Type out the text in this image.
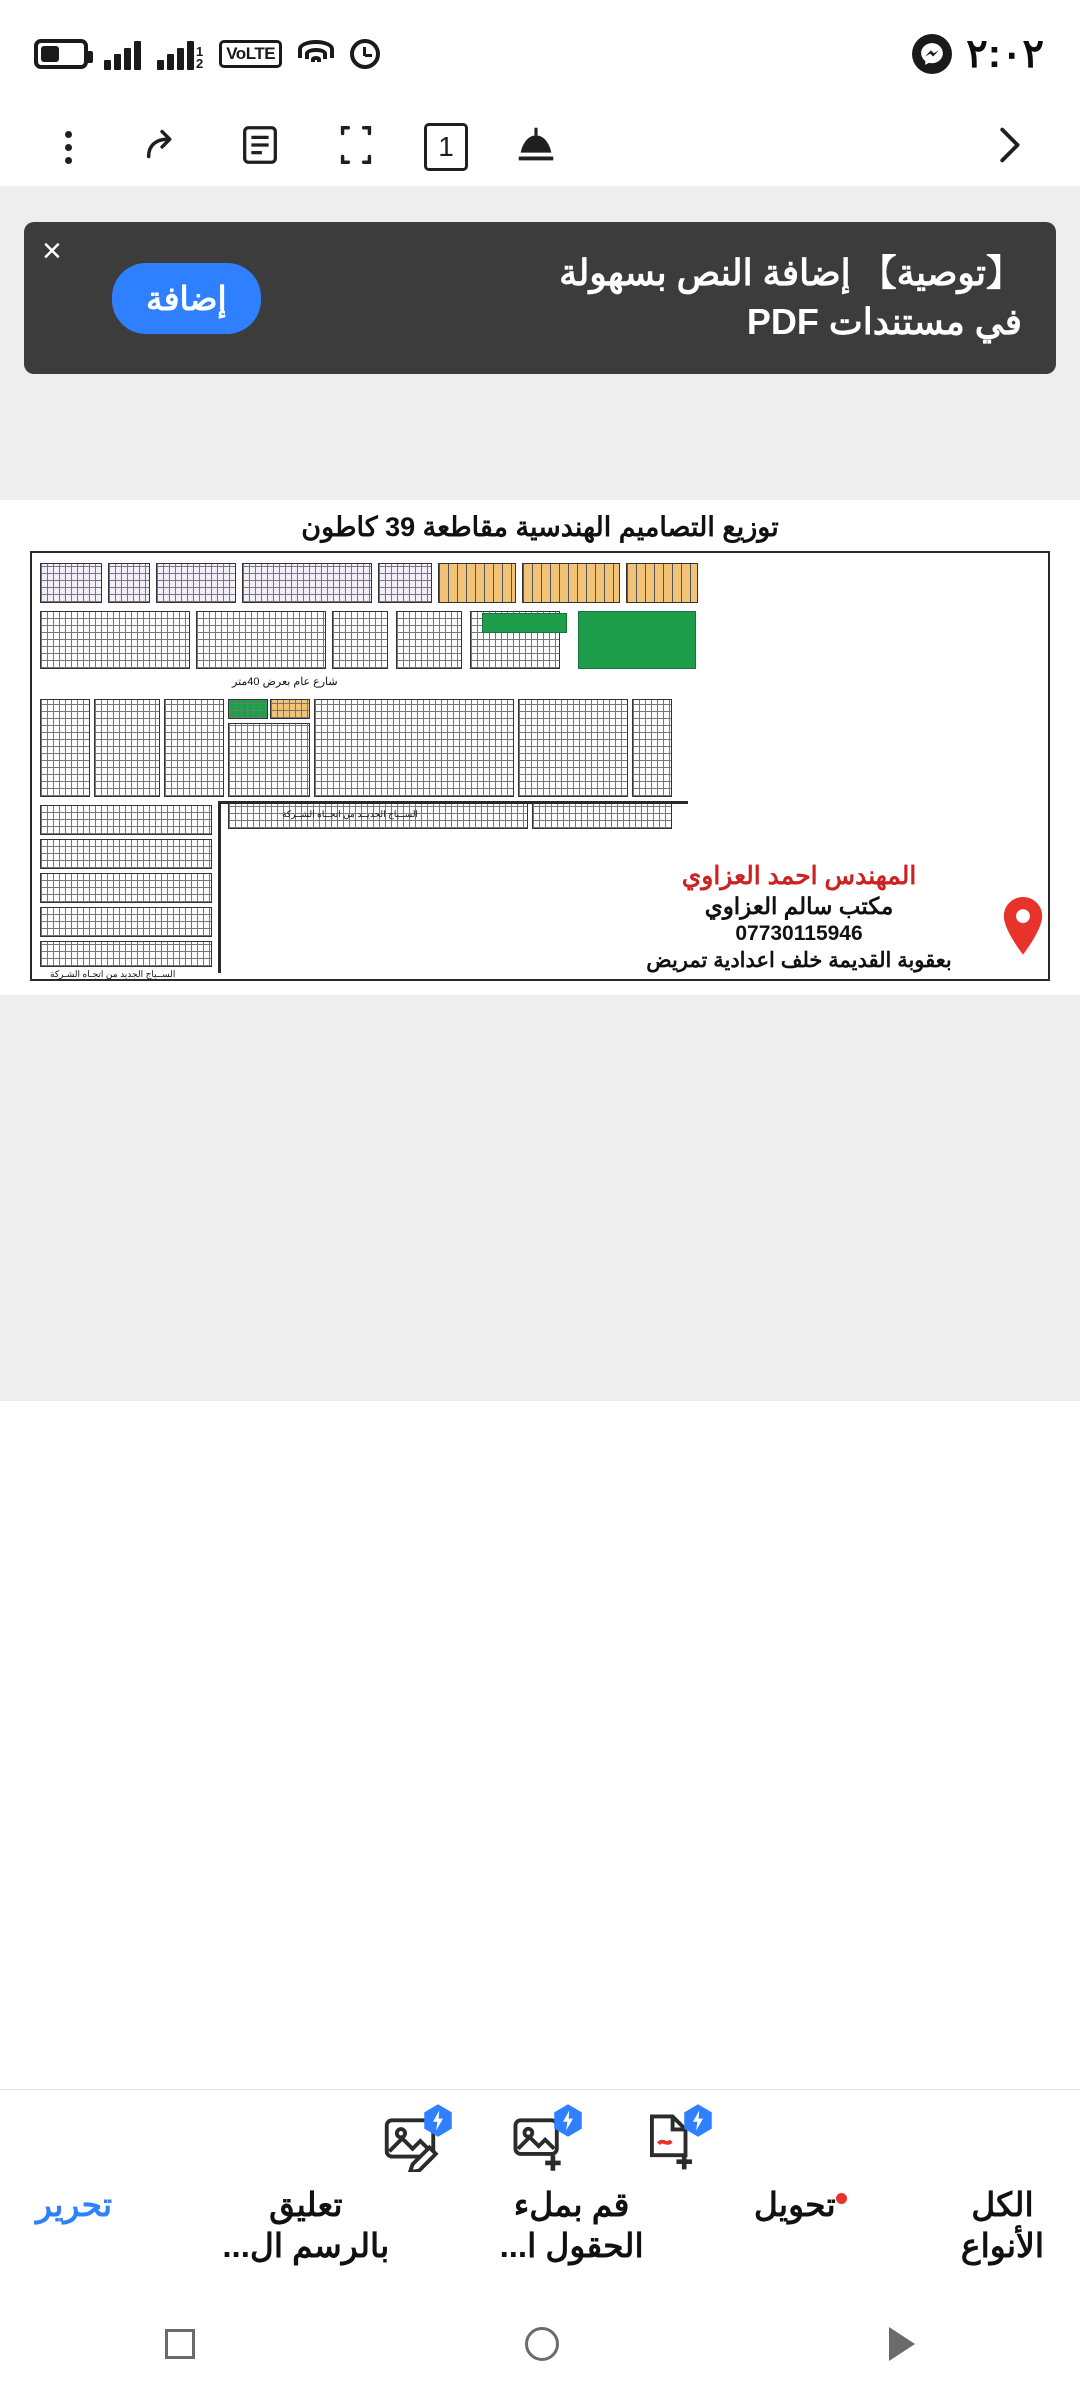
1
2
VoLTE	٢:٠٢
1
×
إضافة
【توصية】 إضافة النص بسهولة
في مستندات PDF
توزيع التصاميم الهندسية مقاطعة 39 كاطون
شارع عام بعرض 40متر
الســياج الجديــد من اتجــاه الشــركة
الســياج الجديد من اتجـاه الشـركة
المهندس احمد العزاوي
مكتب سالم العزاوي
07730115946
بعقوبة القديمة خلف اعدادية تمريض
الكل
الأنواع
تحويل
قم بملء
الحقول ا...
تعليق
بالرسم ال...
تحرير
